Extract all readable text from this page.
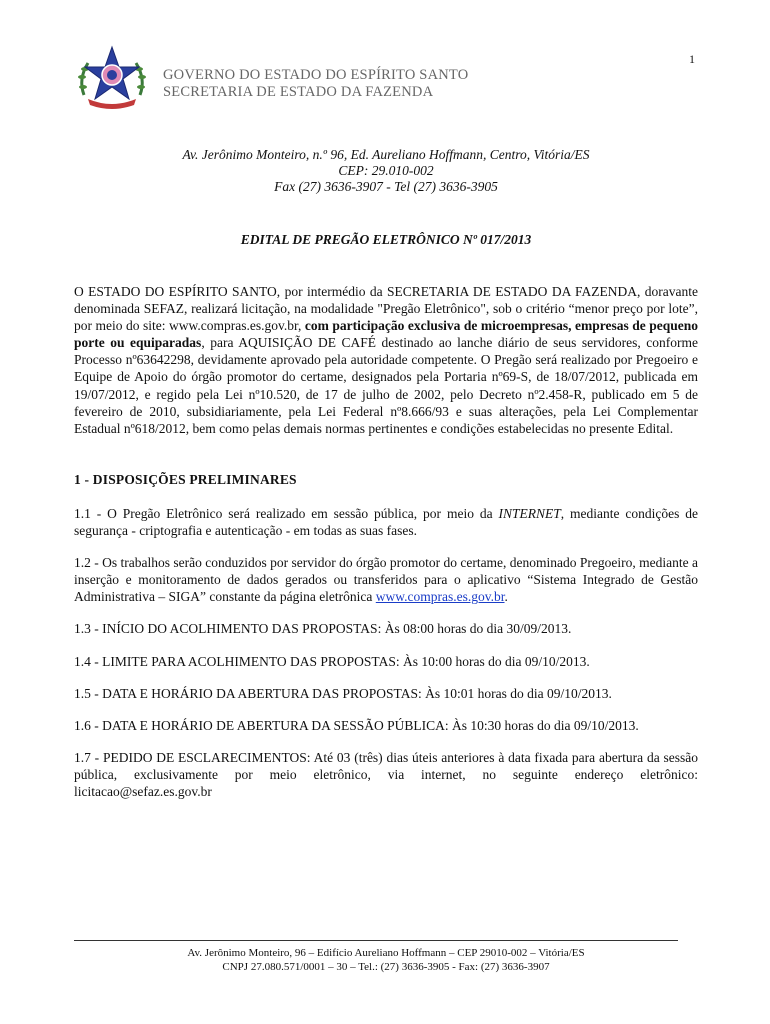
1
GOVERNO DO ESTADO DO ESPÍRITO SANTO
SECRETARIA DE ESTADO DA FAZENDA
Av. Jerônimo Monteiro, n.º 96, Ed. Aureliano Hoffmann, Centro, Vitória/ES
CEP: 29.010-002
Fax (27) 3636-3907 - Tel (27) 3636-3905
EDITAL DE PREGÃO ELETRÔNICO Nº 017/2013

O ESTADO DO ESPÍRITO SANTO, por intermédio da SECRETARIA DE ESTADO DA FAZENDA, doravante denominada SEFAZ, realizará licitação, na modalidade "Pregão Eletrônico", sob o critério “menor preço por lote”, por meio do site: www.compras.es.gov.br, com participação exclusiva de microempresas, empresas de pequeno porte ou equiparadas, para AQUISIÇÃO DE CAFÉ destinado ao lanche diário de seus servidores, conforme Processo nº63642298, devidamente aprovado pela autoridade competente. O Pregão será realizado por Pregoeiro e Equipe de Apoio do órgão promotor do certame, designados pela Portaria nº69-S, de 18/07/2012, publicada em 19/07/2012, e regido pela Lei nº10.520, de 17 de julho de 2002, pelo Decreto nº2.458-R, publicado em 5 de fevereiro de 2010, subsidiariamente, pela Lei Federal nº8.666/93 e suas alterações, pela Lei Complementar Estadual nº618/2012, bem como pelas demais normas pertinentes e condições estabelecidas no presente Edital.

1 - DISPOSIÇÕES PRELIMINARES

1.1 - O Pregão Eletrônico será realizado em sessão pública, por meio da INTERNET, mediante condições de segurança - criptografia e autenticação - em todas as suas fases.

1.2 - Os trabalhos serão conduzidos por servidor do órgão promotor do certame, denominado Pregoeiro, mediante a inserção e monitoramento de dados gerados ou transferidos para o aplicativo “Sistema Integrado de Gestão Administrativa – SIGA” constante da página eletrônica www.compras.es.gov.br.

1.3 - INÍCIO DO ACOLHIMENTO DAS PROPOSTAS: Às 08:00 horas do dia 30/09/2013.

1.4 - LIMITE PARA ACOLHIMENTO DAS PROPOSTAS: Às 10:00 horas do dia 09/10/2013.

1.5 - DATA E HORÁRIO DA ABERTURA DAS PROPOSTAS: Às 10:01 horas do dia 09/10/2013.

1.6 - DATA E HORÁRIO DE ABERTURA DA SESSÃO PÚBLICA: Às 10:30 horas do dia 09/10/2013.

1.7 - PEDIDO DE ESCLARECIMENTOS: Até 03 (três) dias úteis anteriores à data fixada para abertura da sessão pública, exclusivamente por meio eletrônico, via internet, no seguinte endereço eletrônico: licitacao@sefaz.es.gov.br

Av. Jerônimo Monteiro, 96 – Edifício Aureliano Hoffmann – CEP 29010-002 – Vitória/ES
CNPJ 27.080.571/0001 – 30 – Tel.: (27) 3636-3905 - Fax: (27) 3636-3907
